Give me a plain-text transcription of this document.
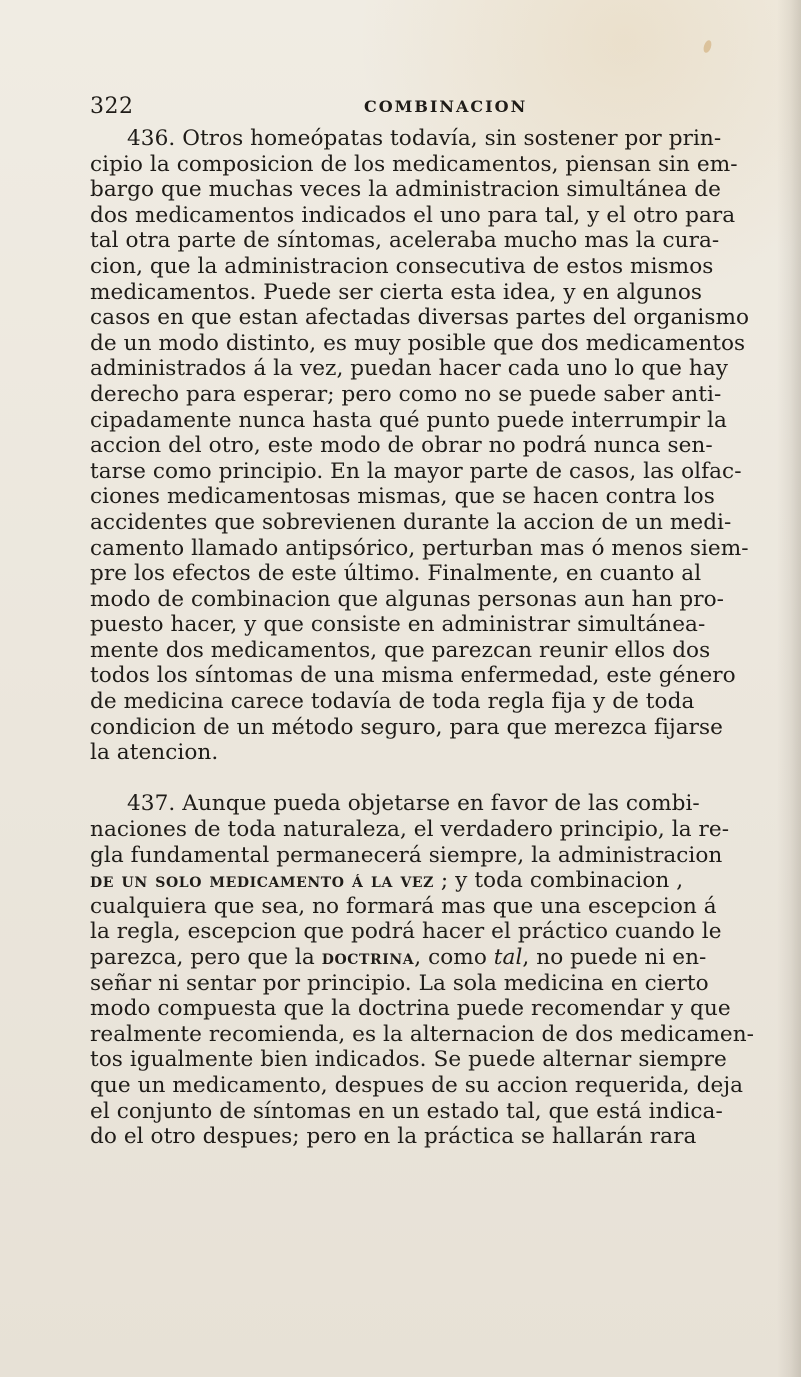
322	COMBINACION
436. Otros homeópatas todavía, sin sostener por prin-
cipio la composicion de los medicamentos, piensan sin em-
bargo que muchas veces la administracion simultánea de
dos medicamentos indicados el uno para tal, y el otro para
tal otra parte de síntomas, aceleraba mucho mas la cura-
cion, que la administracion consecutiva de estos mismos
medicamentos. Puede ser cierta esta idea, y en algunos
casos en que estan afectadas diversas partes del organismo
de un modo distinto, es muy posible que dos medicamentos
administrados á la vez, puedan hacer cada uno lo que hay
derecho para esperar; pero como no se puede saber anti-
cipadamente nunca hasta qué punto puede interrumpir la
accion del otro, este modo de obrar no podrá nunca sen-
tarse como principio. En la mayor parte de casos, las olfac-
ciones medicamentosas mismas, que se hacen contra los
accidentes que sobrevienen durante la accion de un medi-
camento llamado antipsórico, perturban mas ó menos siem-
pre los efectos de este último. Finalmente, en cuanto al
modo de combinacion que algunas personas aun han pro-
puesto hacer, y que consiste en administrar simultánea-
mente dos medicamentos, que parezcan reunir ellos dos
todos los síntomas de una misma enfermedad, este género
de medicina carece todavía de toda regla fija y de toda
condicion de un método seguro, para que merezca fijarse
la atencion.
437. Aunque pueda objetarse en favor de las combi-
naciones de toda naturaleza, el verdadero principio, la re-
gla fundamental permanecerá siempre, la administracion
de un solo medicamento á la vez ; y toda combinacion ,
cualquiera que sea, no formará mas que una escepcion á
la regla, escepcion que podrá hacer el práctico cuando le
parezca, pero que la doctrina, como tal, no puede ni en-
señar ni sentar por principio. La sola medicina en cierto
modo compuesta que la doctrina puede recomendar y que
realmente recomienda, es la alternacion de dos medicamen-
tos igualmente bien indicados. Se puede alternar siempre
que un medicamento, despues de su accion requerida, deja
el conjunto de síntomas en un estado tal, que está indica-
do el otro despues; pero en la práctica se hallarán rara
